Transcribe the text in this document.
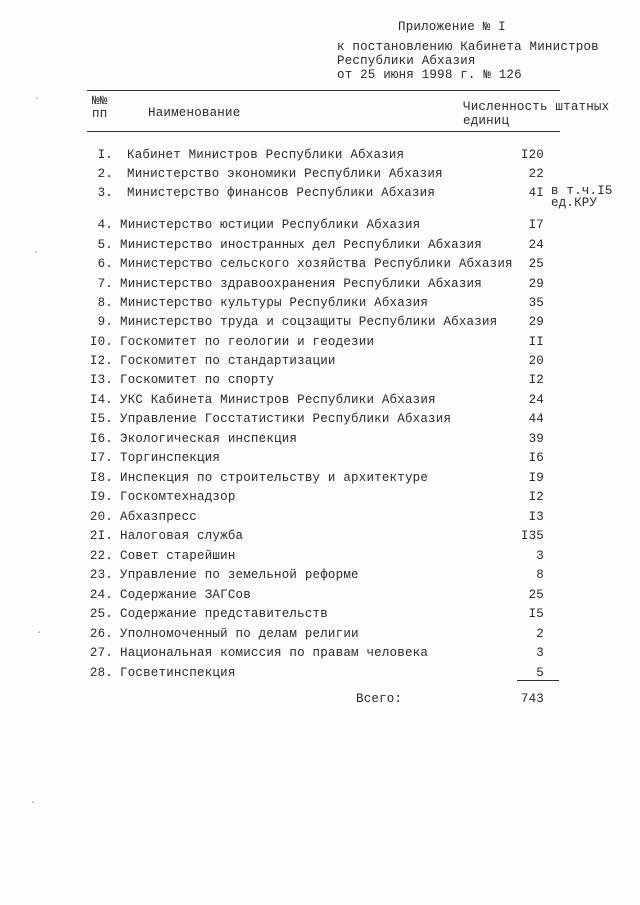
Приложение № I
к постановлению Кабинета Министров
Республики Абхазия
от 25 июня 1998 г. № 126
№№
пп	Наименование	Численность штатных
единиц
I. Кабинет Министров Республики Абхазия	I20
2. Министерство экономики Республики Абхазия	22
3. Министерство финансов Республики Абхазия	4I
4. Министерство юстиции Республики Абхазия	I7
5. Министерство иностранных дел Республики Абхазия	24
6. Министерство сельского хозяйства Республики Абхазия 25
7. Министерство здравоохранения Республики Абхазия	29
8. Министерство культуры Республики Абхазия	35
9. Министерство труда и соцзащиты Республики Абхазия 29
I0. Госкомитет по геологии и геодезии	II
I2. Госкомитет по стандартизации	20
I3. Госкомитет по спорту	I2
I4. УКС Кабинета Министров Республики Абхазия	24
I5. Управление Госстатистики Республики Абхазия	44
I6. Экологическая инспекция	39
I7. Торгинспекция	I6
I8. Инспекция по строительству и архитектуре	I9
I9. Госкомтехнадзор	I2
20. Абхазпресс	I3
2I. Налоговая служба	I35
22. Совет старейшин	3
23. Управление по земельной реформе	8
24. Содержание ЗАГСов	25
25. Содержание представительств	I5
26. Уполномоченный по делам религии	2
27. Национальная комиссия по правам человека	3
28. Госветинспекция	5
в т.ч.I5
ед.КРУ
Всего:	743
·
·
·
·
